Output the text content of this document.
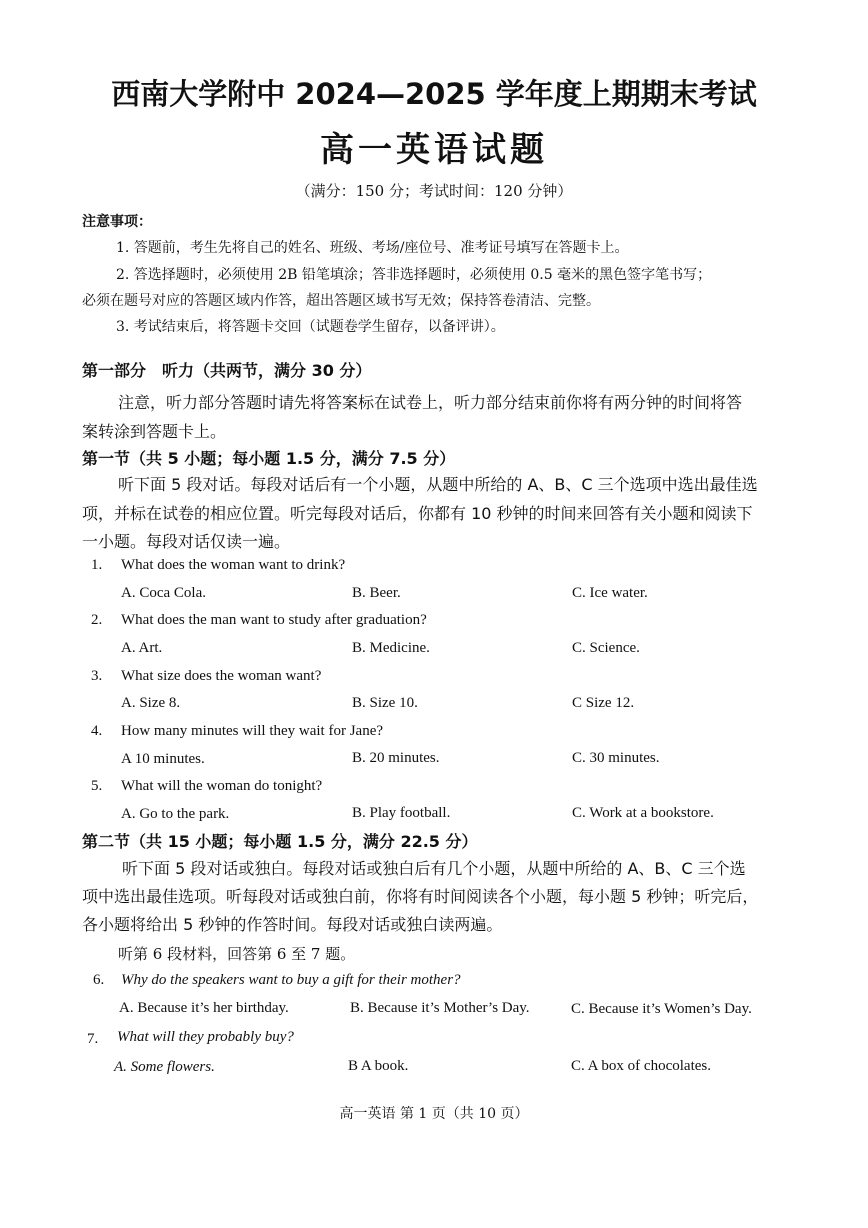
西南大学附中 2024—2025 学年度上期期末考试
高一英语试题
（满分：150 分；考试时间：120 分钟）
注意事项：
1. 答题前，考生先将自己的姓名、班级、考场/座位号、准考证号填写在答题卡上。
2. 答选择题时，必须使用 2B 铅笔填涂；答非选择题时，必须使用 0.5 毫米的黑色签字笔书写；
必须在题号对应的答题区域内作答，超出答题区域书写无效；保持答卷清洁、完整。
3. 考试结束后，将答题卡交回（试题卷学生留存，以备评讲）。
第一部分　听力（共两节，满分 30 分）
注意，听力部分答题时请先将答案标在试卷上，听力部分结束前你将有两分钟的时间将答
案转涂到答题卡上。
第一节（共 5 小题；每小题 1.5 分，满分 7.5 分）
听下面 5 段对话。每段对话后有一个小题，从题中所给的 A、B、C 三个选项中选出最佳选
项，并标在试卷的相应位置。听完每段对话后，你都有 10 秒钟的时间来回答有关小题和阅读下
一小题。每段对话仅读一遍。
1. What does the woman want to drink?
A. Coca Cola.	B. Beer.	C. Ice water.
2. What does the man want to study after graduation?
A. Art.	B. Medicine.	C. Science.
3. What size does the woman want?
A. Size 8.	B. Size 10.	C Size 12.
4. How many minutes will they wait for Jane?
A 10 minutes.	B. 20 minutes.	C. 30 minutes.
5. What will the woman do tonight?
A. Go to the park.	B. Play football.	C. Work at a bookstore.
第二节（共 15 小题；每小题 1.5 分，满分 22.5 分）
听下面 5 段对话或独白。每段对话或独白后有几个小题，从题中所给的 A、B、C 三个选
项中选出最佳选项。听每段对话或独白前，你将有时间阅读各个小题，每小题 5 秒钟；听完后，
各小题将给出 5 秒钟的作答时间。每段对话或独白读两遍。
听第 6 段材料，回答第 6 至 7 题。
6. Why do the speakers want to buy a gift for their mother?
A. Because it’s her birthday.	B. Because it’s Mother’s Day.	C. Because it’s Women’s Day.
7. What will they probably buy?
A. Some flowers.	B A book.	C. A box of chocolates.
高一英语 第 1 页（共 10 页）
